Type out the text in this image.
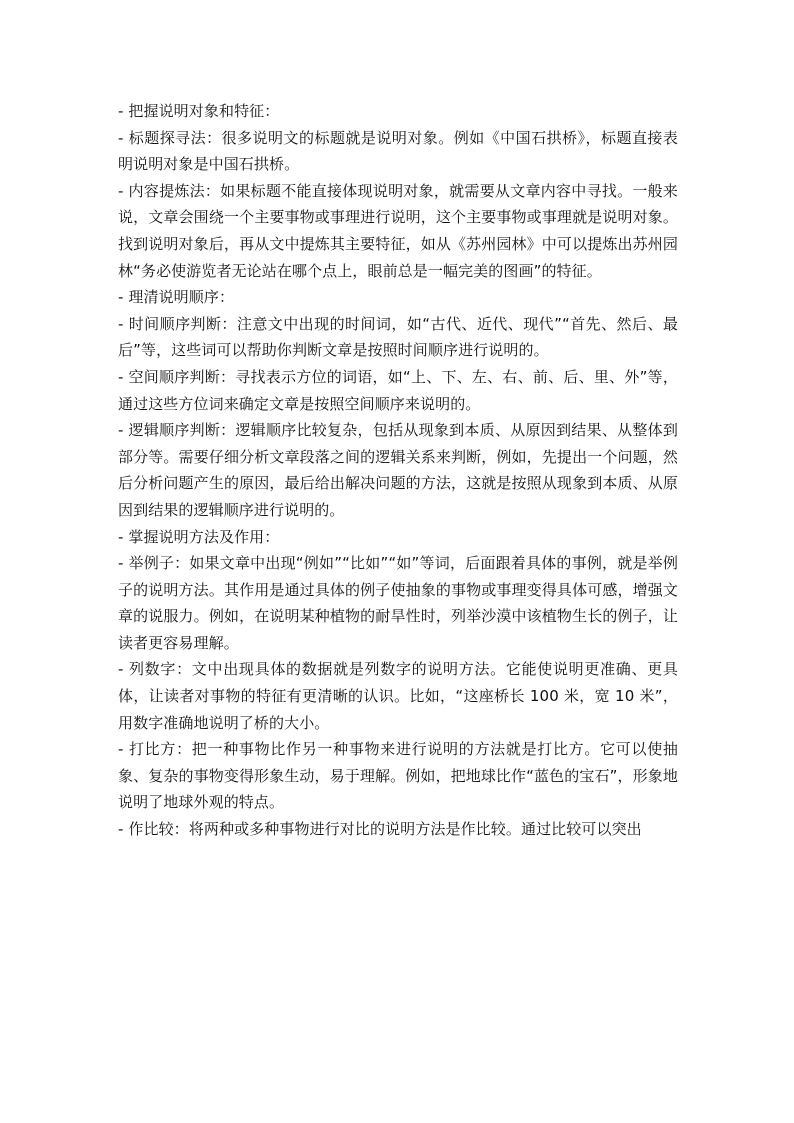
- 把握说明对象和特征：

- 标题探寻法：很多说明文的标题就是说明对象。例如《中国石拱桥》，标题直接表明说明对象是中国石拱桥。

- 内容提炼法：如果标题不能直接体现说明对象，就需要从文章内容中寻找。一般来说，文章会围绕一个主要事物或事理进行说明，这个主要事物或事理就是说明对象。找到说明对象后，再从文中提炼其主要特征，如从《苏州园林》中可以提炼出苏州园林“务必使游览者无论站在哪个点上，眼前总是一幅完美的图画”的特征。

- 理清说明顺序：

- 时间顺序判断：注意文中出现的时间词，如“古代、近代、现代”“首先、然后、最后”等，这些词可以帮助你判断文章是按照时间顺序进行说明的。

- 空间顺序判断：寻找表示方位的词语，如“上、下、左、右、前、后、里、外”等，通过这些方位词来确定文章是按照空间顺序来说明的。

- 逻辑顺序判断：逻辑顺序比较复杂，包括从现象到本质、从原因到结果、从整体到部分等。需要仔细分析文章段落之间的逻辑关系来判断，例如，先提出一个问题，然后分析问题产生的原因，最后给出解决问题的方法，这就是按照从现象到本质、从原因到结果的逻辑顺序进行说明的。

- 掌握说明方法及作用：

- 举例子：如果文章中出现“例如”“比如”“如”等词，后面跟着具体的事例，就是举例子的说明方法。其作用是通过具体的例子使抽象的事物或事理变得具体可感，增强文章的说服力。例如，在说明某种植物的耐旱性时，列举沙漠中该植物生长的例子，让读者更容易理解。

- 列数字：文中出现具体的数据就是列数字的说明方法。它能使说明更准确、更具体，让读者对事物的特征有更清晰的认识。比如，“这座桥长 100 米，宽 10 米”，用数字准确地说明了桥的大小。

- 打比方：把一种事物比作另一种事物来进行说明的方法就是打比方。它可以使抽象、复杂的事物变得形象生动，易于理解。例如，把地球比作“蓝色的宝石”，形象地说明了地球外观的特点。

- 作比较：将两种或多种事物进行对比的说明方法是作比较。通过比较可以突出
